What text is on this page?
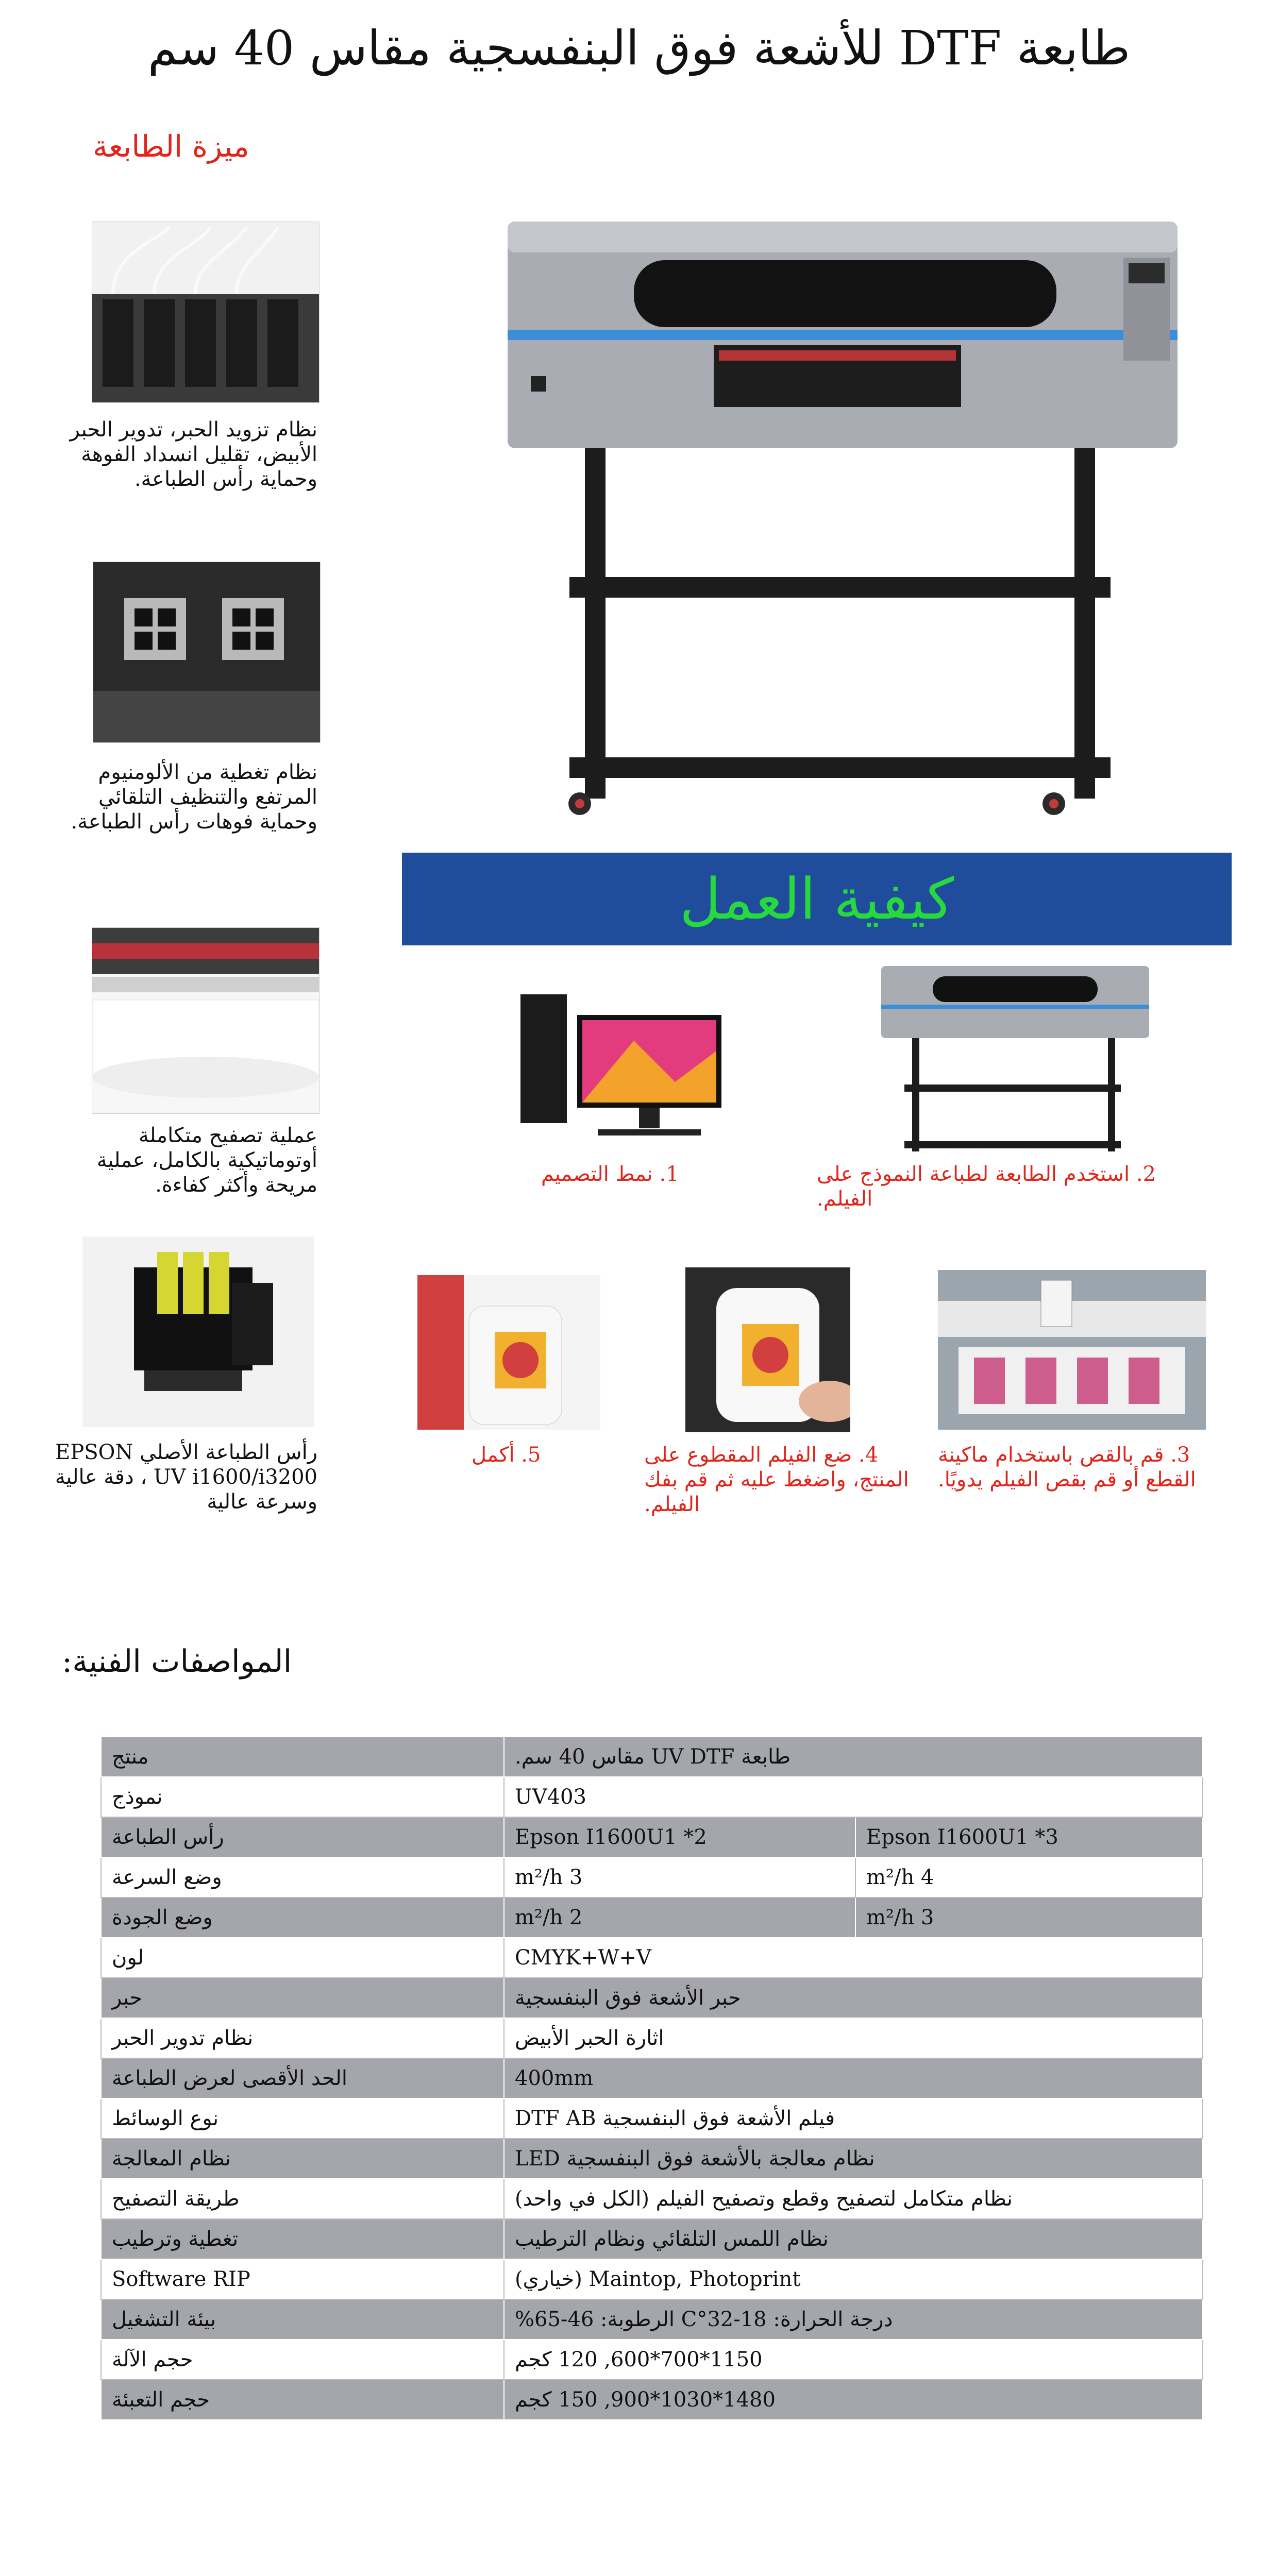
طابعة DTF للأشعة فوق البنفسجية مقاس 40 سم
ميزة الطابعة
نظام تزويد الحبر، تدوير الحبر الأبيض، تقليل انسداد الفوهة وحماية رأس الطباعة.
نظام تغطية من الألومنيوم المرتفع والتنظيف التلقائي وحماية فوهات رأس الطباعة.
عملية تصفيح متكاملة أوتوماتيكية بالكامل، عملية مريحة وأكثر كفاءة.
رأس الطباعة الأصلي EPSON UV i1600/i3200 ، دقة عالية وسرعة عالية
كيفية العمل
1. نمط التصميم	2. استخدم الطابعة لطباعة النموذج على الفيلم.
5. أكمل	4. ضع الفيلم المقطوع على المنتج، واضغط عليه ثم قم بفك الفيلم.
3. قم بالقص باستخدام ماكينة القطع أو قم بقص الفيلم يدويًا.
المواصفات الفنية:
منتج	طابعة UV DTF مقاس 40 سم.	
نموذج	UV403	
رأس الطباعة	Epson I1600U1 *2	Epson I1600U1 *3
وضع السرعة	3 m²/h	4 m²/h
وضع الجودة	2 m²/h	3 m²/h
لون	CMYK+W+V	
حبر	حبر الأشعة فوق البنفسجية	
نظام تدوير الحبر	اثارة الحبر الأبيض	
الحد الأقصى لعرض الطباعة	400mm	
نوع الوسائط	فيلم الأشعة فوق البنفسجية DTF AB	
نظام المعالجة	نظام معالجة بالأشعة فوق البنفسجية LED	
طريقة التصفيح	نظام متكامل لتصفيح وقطع وتصفيح الفيلم (الكل في واحد)	
تغطية وترطيب	نظام اللمس التلقائي ونظام الترطيب	
Software RIP	Maintop, Photoprint (خياري)	
بيئة التشغيل	درجة الحرارة: 18-32°C الرطوبة: 46-65%	
حجم الآلة	1150*700*600, 120 كجم	
حجم التعبئة	1480*1030*900, 150 كجم	
